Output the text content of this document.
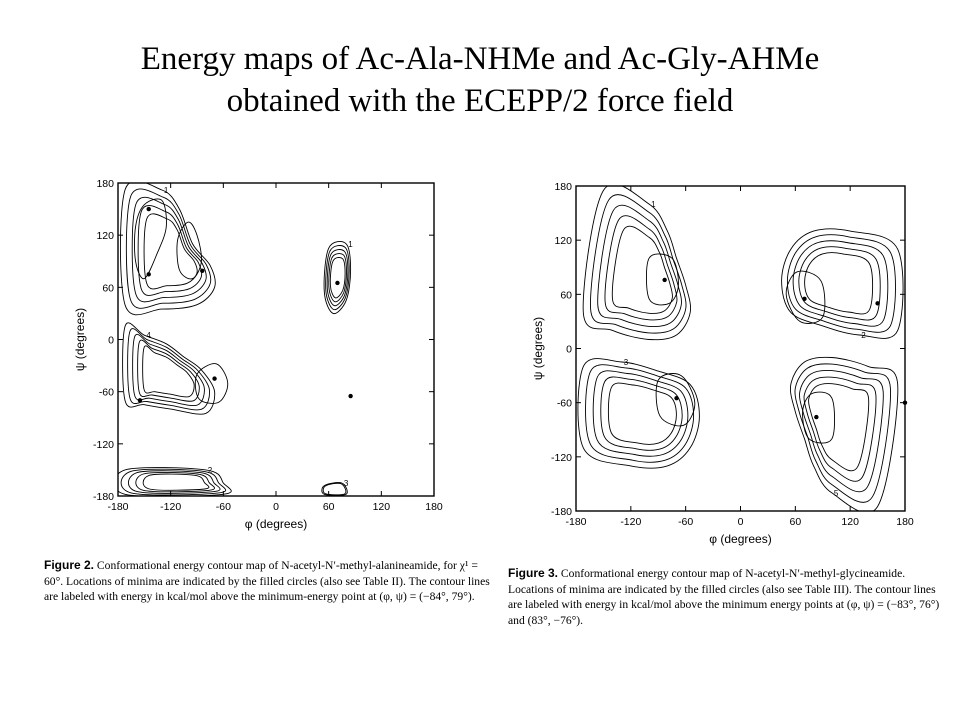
Energy maps of Ac-Ala-NHMe and Ac-Gly-AHMe
obtained with the ECEPP/2 force field
1
4
1
2
3
-180	-120	-60	0	60	120	180
180
120
60
0
-60
-120
-180
φ (degrees)
ψ (degrees)
Figure 2. Conformational energy contour map of N-acetyl-N′-methyl-alanineamide, for χ¹ = 60°. Locations of minima are indicated by the filled circles (also see Table II). The contour lines are labeled with energy in kcal/mol above the minimum-energy point at (φ, ψ) = (−84°, 79°).
1
3
5
2
-180	-120	-60	0	60	120	180
180
120
60
0
-60
-120
-180
φ (degrees)
ψ (degrees)
Figure 3. Conformational energy contour map of N-acetyl-N′-methyl-glycineamide. Locations of minima are indicated by the filled circles (also see Table III). The contour lines are labeled with energy in kcal/mol above the minimum energy points at (φ, ψ) = (−83°, 76°) and (83°, −76°).
